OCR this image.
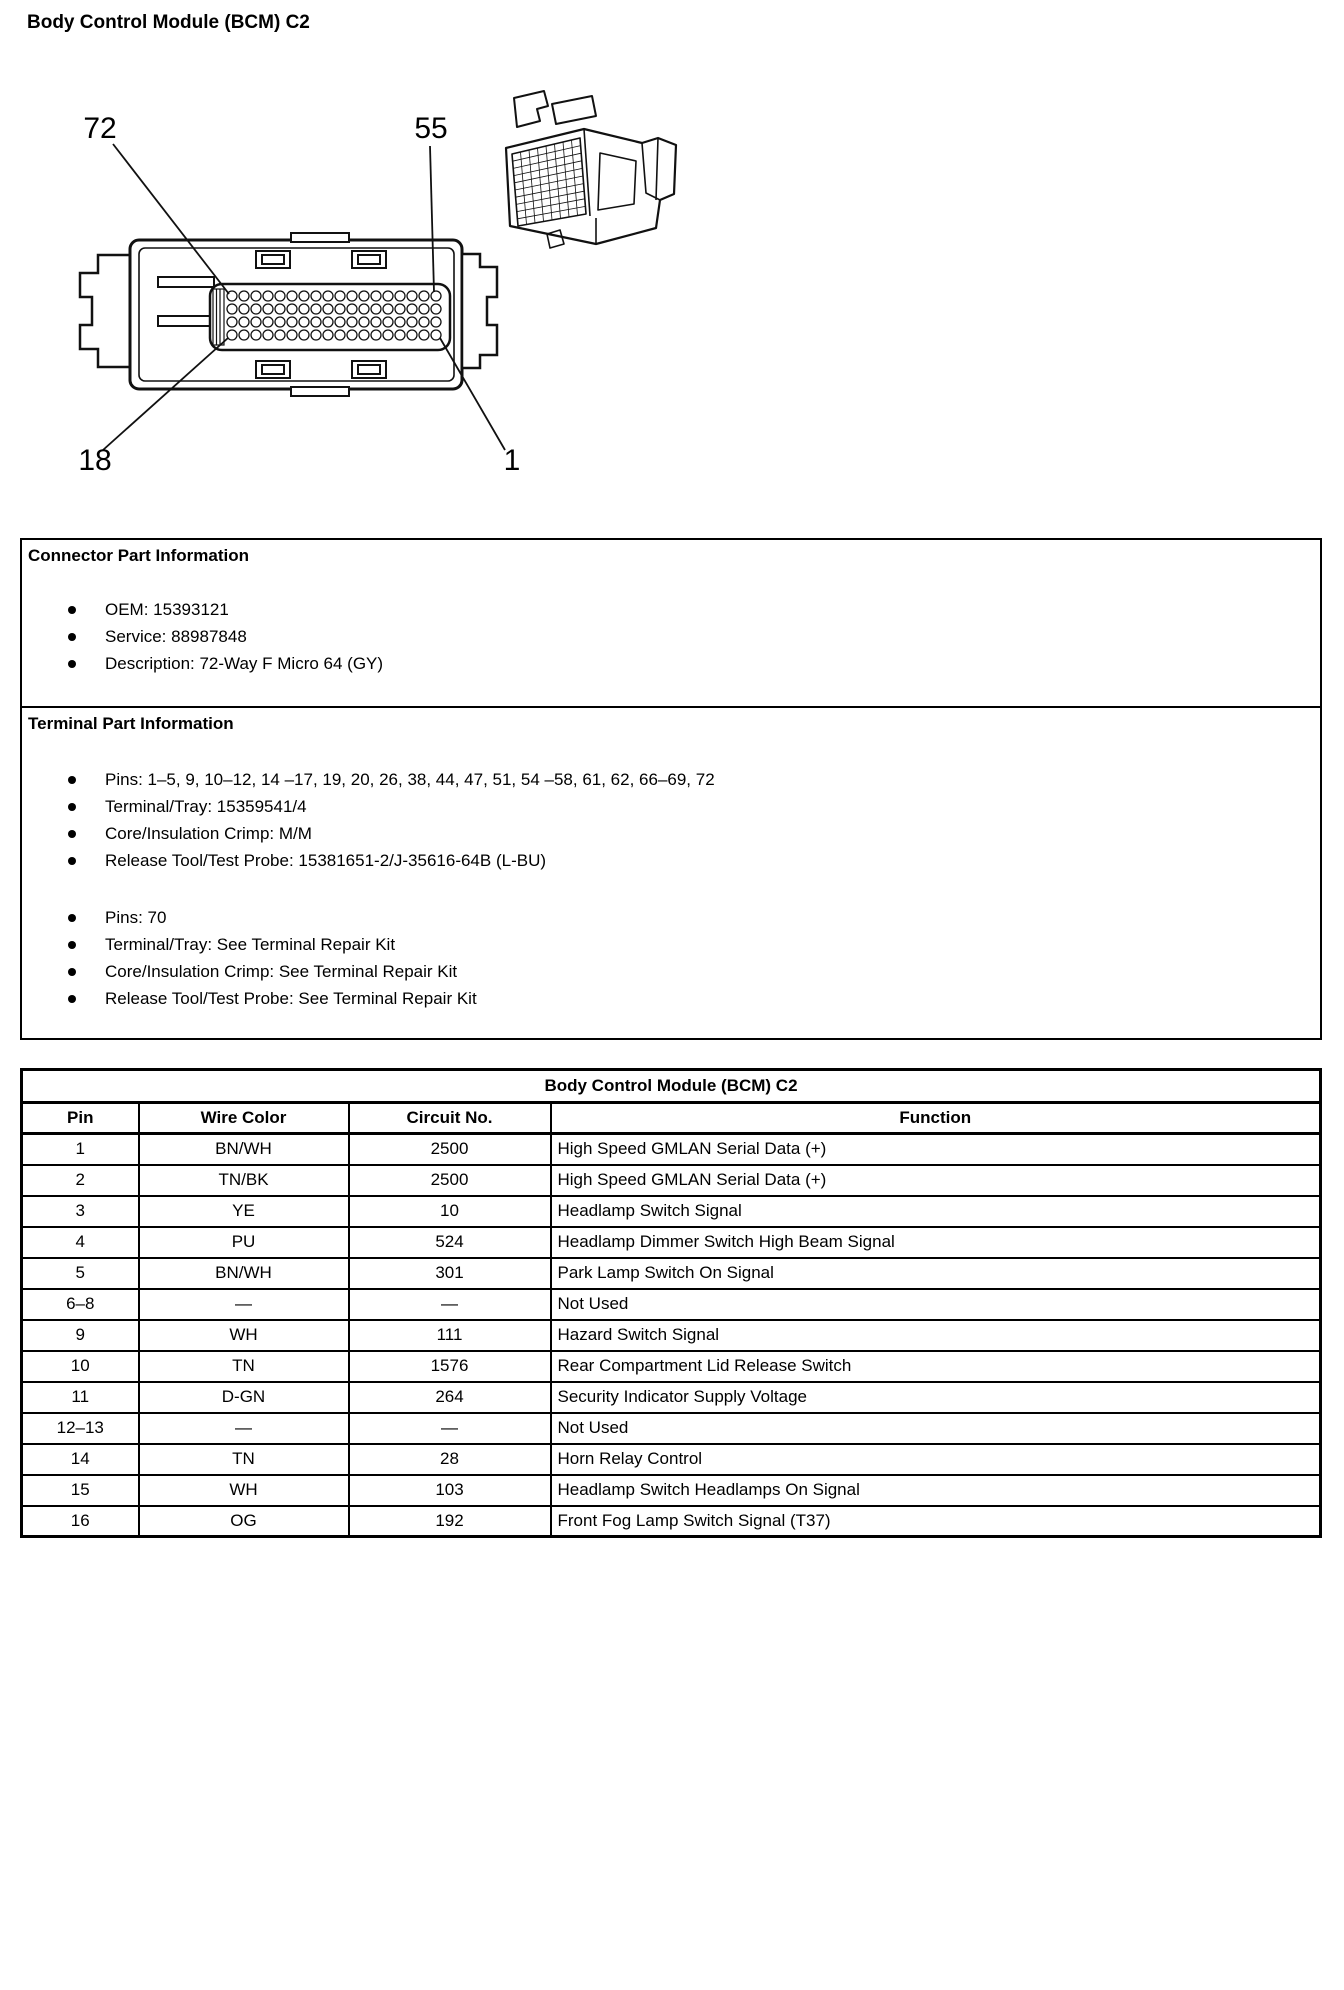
Body Control Module (BCM) C2
72	55
18	1
Connector Part Information
OEM: 15393121
Service: 88987848
Description: 72-Way F Micro 64 (GY)
Terminal Part Information
Pins: 1–5, 9, 10–12, 14 –17, 19, 20, 26, 38, 44, 47, 51, 54 –58, 61, 62, 66–69, 72
Terminal/Tray: 15359541/4
Core/Insulation Crimp: M/M
Release Tool/Test Probe: 15381651-2/J-35616-64B (L-BU)
Pins: 70
Terminal/Tray: See Terminal Repair Kit
Core/Insulation Crimp: See Terminal Repair Kit
Release Tool/Test Probe: See Terminal Repair Kit
Body Control Module (BCM) C2			
Pin	Wire Color	Circuit No.	Function
1	BN/WH	2500	High Speed GMLAN Serial Data (+)
2	TN/BK	2500	High Speed GMLAN Serial Data (+)
3	YE	10	Headlamp Switch Signal
4	PU	524	Headlamp Dimmer Switch High Beam Signal
5	BN/WH	301	Park Lamp Switch On Signal
6–8	—	—	Not Used
9	WH	111	Hazard Switch Signal
10	TN	1576	Rear Compartment Lid Release Switch
11	D-GN	264	Security Indicator Supply Voltage
12–13	—	—	Not Used
14	TN	28	Horn Relay Control
15	WH	103	Headlamp Switch Headlamps On Signal
16	OG	192	Front Fog Lamp Switch Signal (T37)
